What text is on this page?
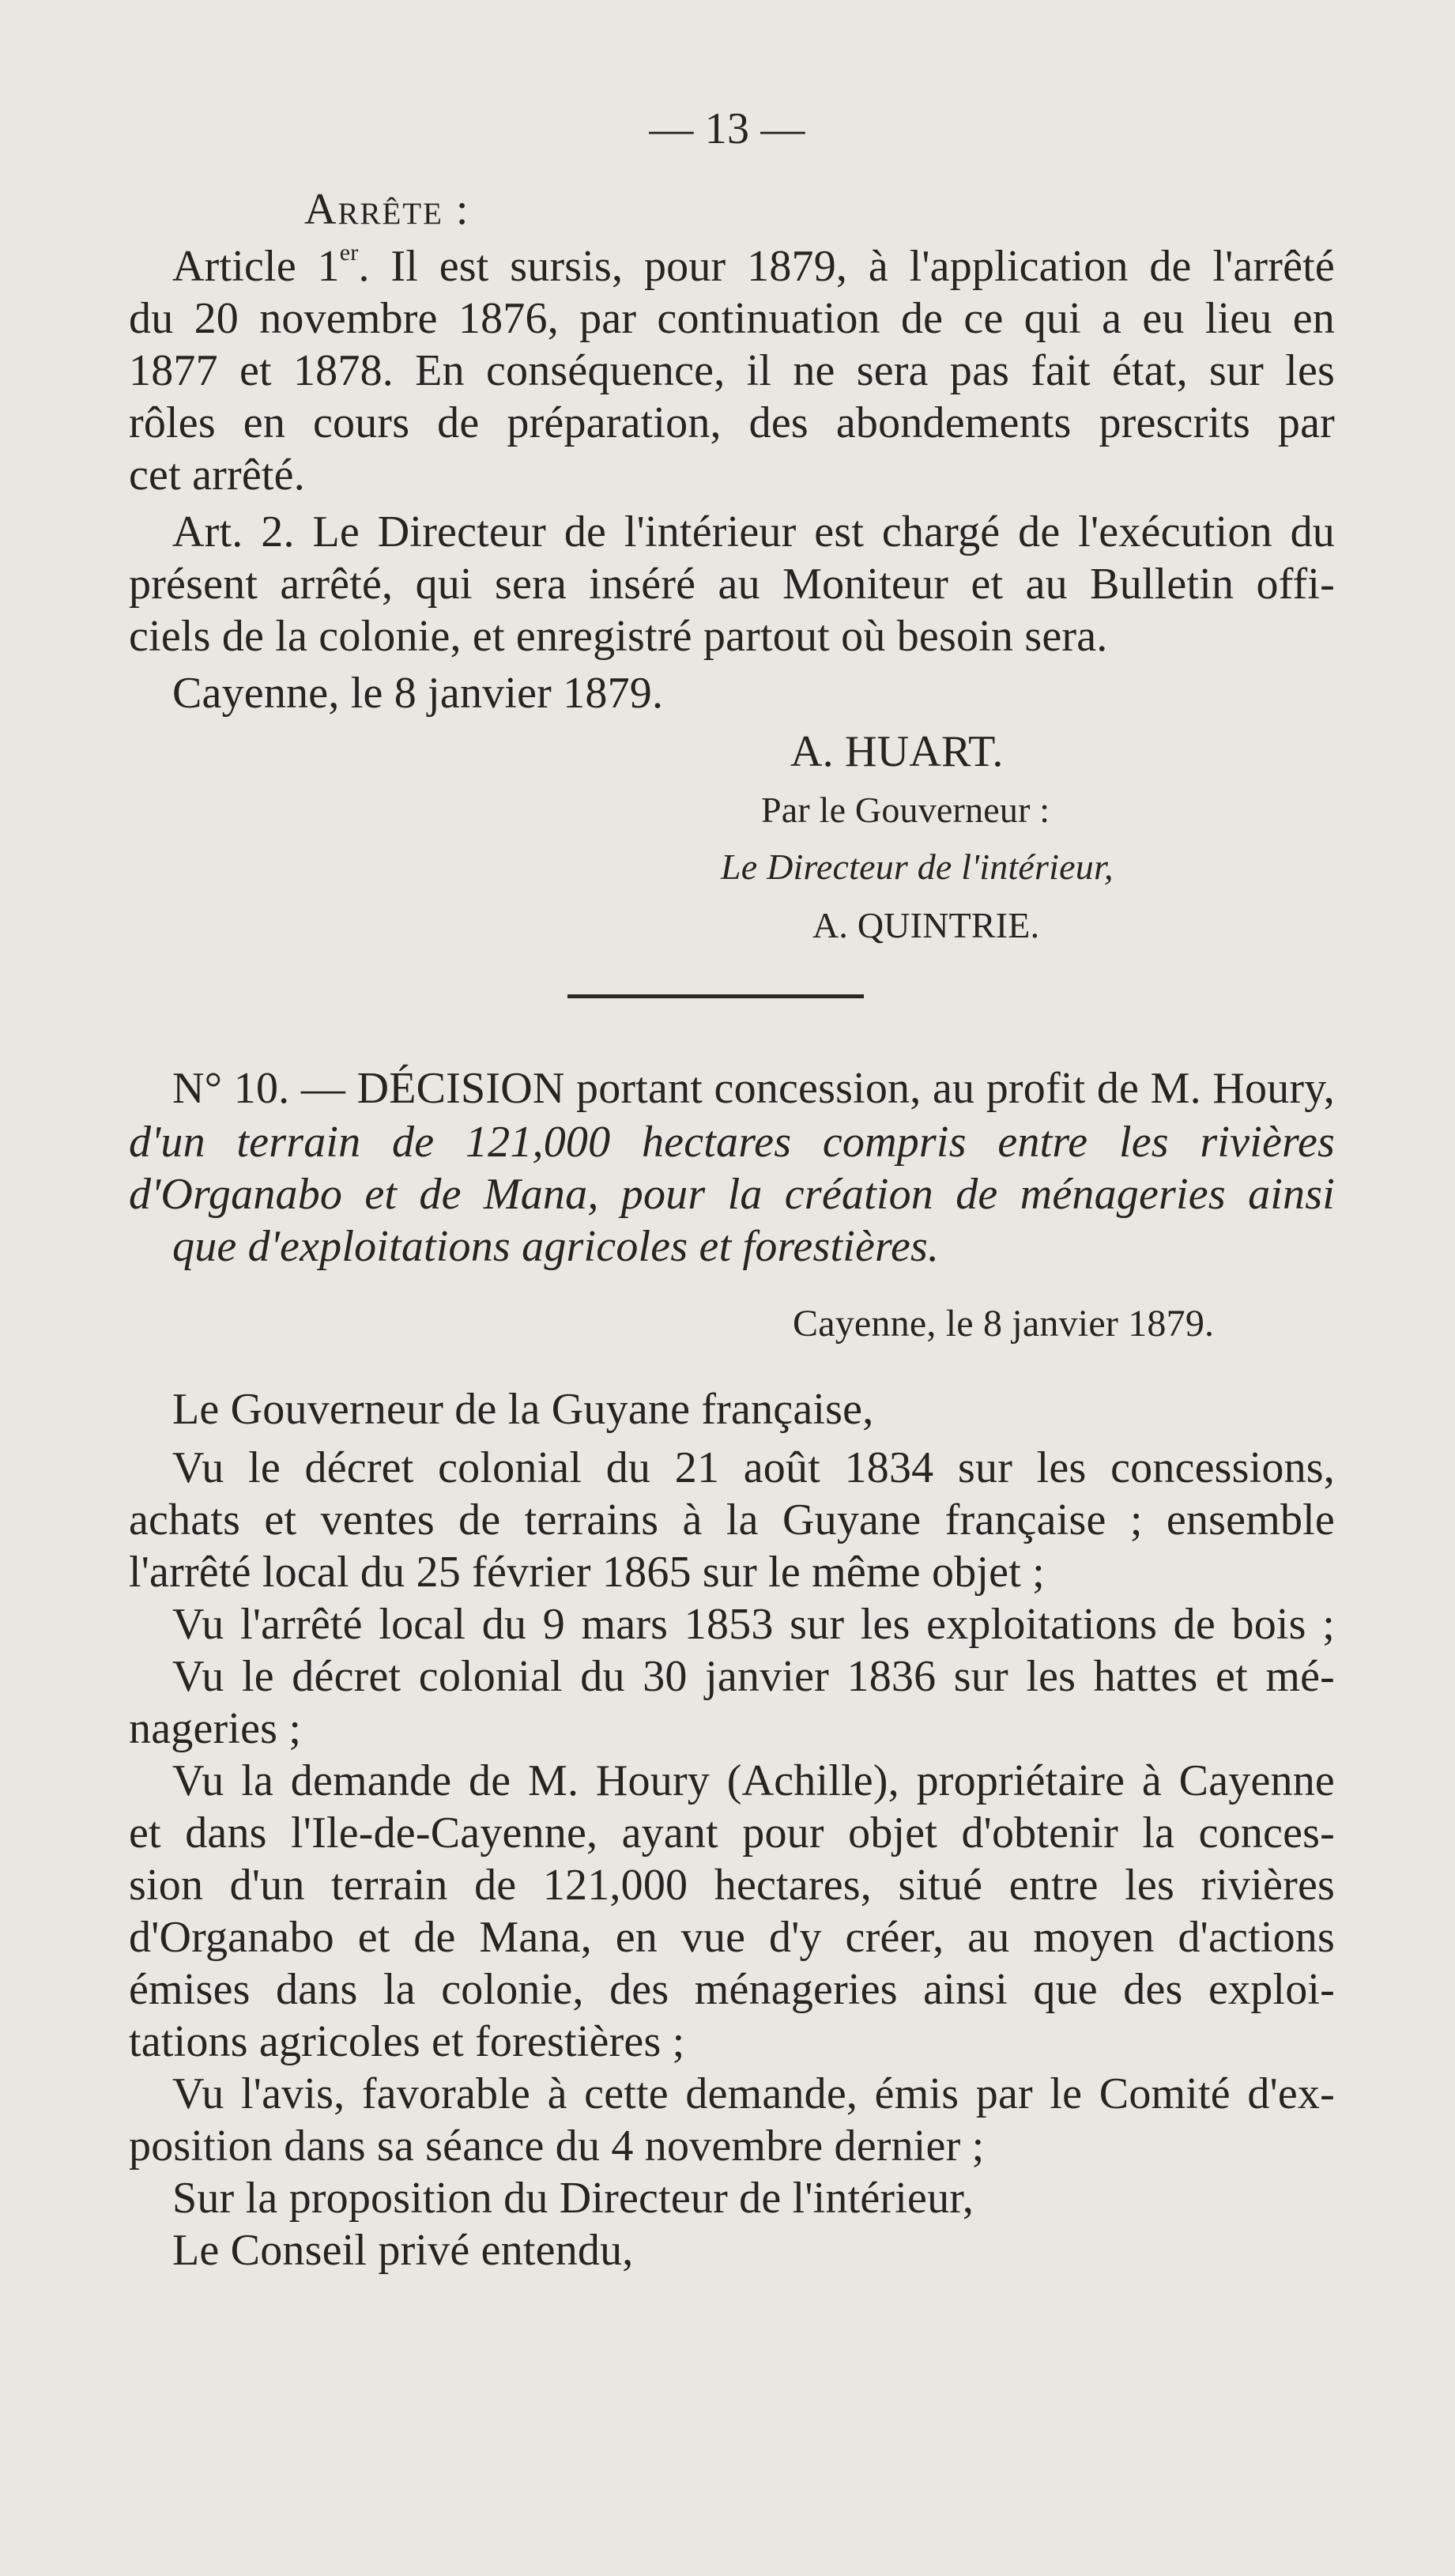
— 13 —
Arrête :
Article 1er. Il est sursis, pour 1879, à l'application de l'arrêté
du 20 novembre 1876, par continuation de ce qui a eu lieu en
1877 et 1878. En conséquence, il ne sera pas fait état, sur les
rôles en cours de préparation, des abondements prescrits par
cet arrêté.
Art. 2. Le Directeur de l'intérieur est chargé de l'exécution du
présent arrêté, qui sera inséré au Moniteur et au Bulletin offi-
ciels de la colonie, et enregistré partout où besoin sera.
Cayenne, le 8 janvier 1879.
A. HUART.
Par le Gouverneur :
Le Directeur de l'intérieur,
A. QUINTRIE.
N° 10. — DÉCISION portant concession, au profit de M. Houry,
d'un terrain de 121,000 hectares compris entre les rivières
d'Organabo et de Mana, pour la création de ménageries ainsi
que d'exploitations agricoles et forestières.
Cayenne, le 8 janvier 1879.
Le Gouverneur de la Guyane française,
Vu le décret colonial du 21 août 1834 sur les concessions,
achats et ventes de terrains à la Guyane française ; ensemble
l'arrêté local du 25 février 1865 sur le même objet ;
Vu l'arrêté local du 9 mars 1853 sur les exploitations de bois ;
Vu le décret colonial du 30 janvier 1836 sur les hattes et mé-
nageries ;
Vu la demande de M. Houry (Achille), propriétaire à Cayenne
et dans l'Ile-de-Cayenne, ayant pour objet d'obtenir la conces-
sion d'un terrain de 121,000 hectares, situé entre les rivières
d'Organabo et de Mana, en vue d'y créer, au moyen d'actions
émises dans la colonie, des ménageries ainsi que des exploi-
tations agricoles et forestières ;
Vu l'avis, favorable à cette demande, émis par le Comité d'ex-
position dans sa séance du 4 novembre dernier ;
Sur la proposition du Directeur de l'intérieur,
Le Conseil privé entendu,
